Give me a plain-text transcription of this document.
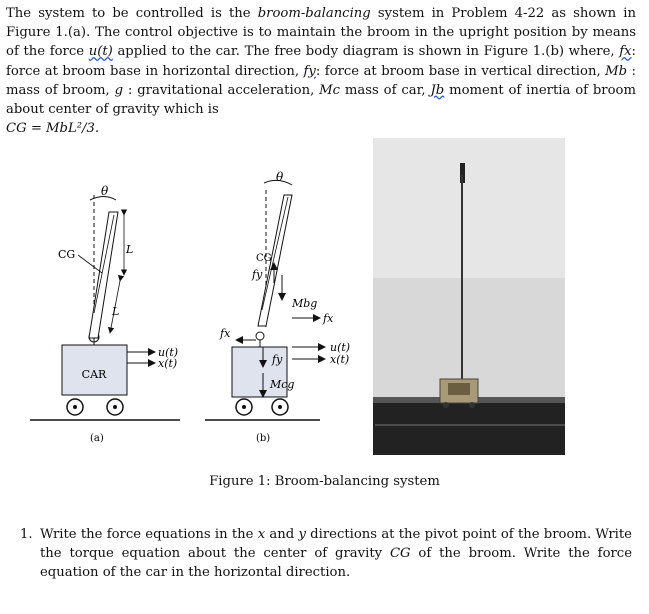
The system to be controlled is the broom-balancing system in Problem 4-22 as shown in Figure 1.(a). The control objective is to maintain the broom in the upright position by means of the force u(t) applied to the car. The free body diagram is shown in Figure 1.(b) where, fx: force at broom base in horizontal direction, fy: force at broom base in vertical direction, Mb : mass of broom, g : gravitational acceleration, Mc mass of car, Jb moment of inertia of broom about center of gravity which is
CG = MbL²/3.
CAR
θ
L
L
CG
u(t)
x(t)
(a)
θ
CG
fy
Mbg
fx
fx
fy
Mcg
u(t)
x(t)
(b)
Figure 1: Broom-balancing system
1. Write the force equations in the x and y directions at the pivot point of the broom. Write the torque equation about the center of gravity CG of the broom. Write the force equation of the car in the horizontal direction.
